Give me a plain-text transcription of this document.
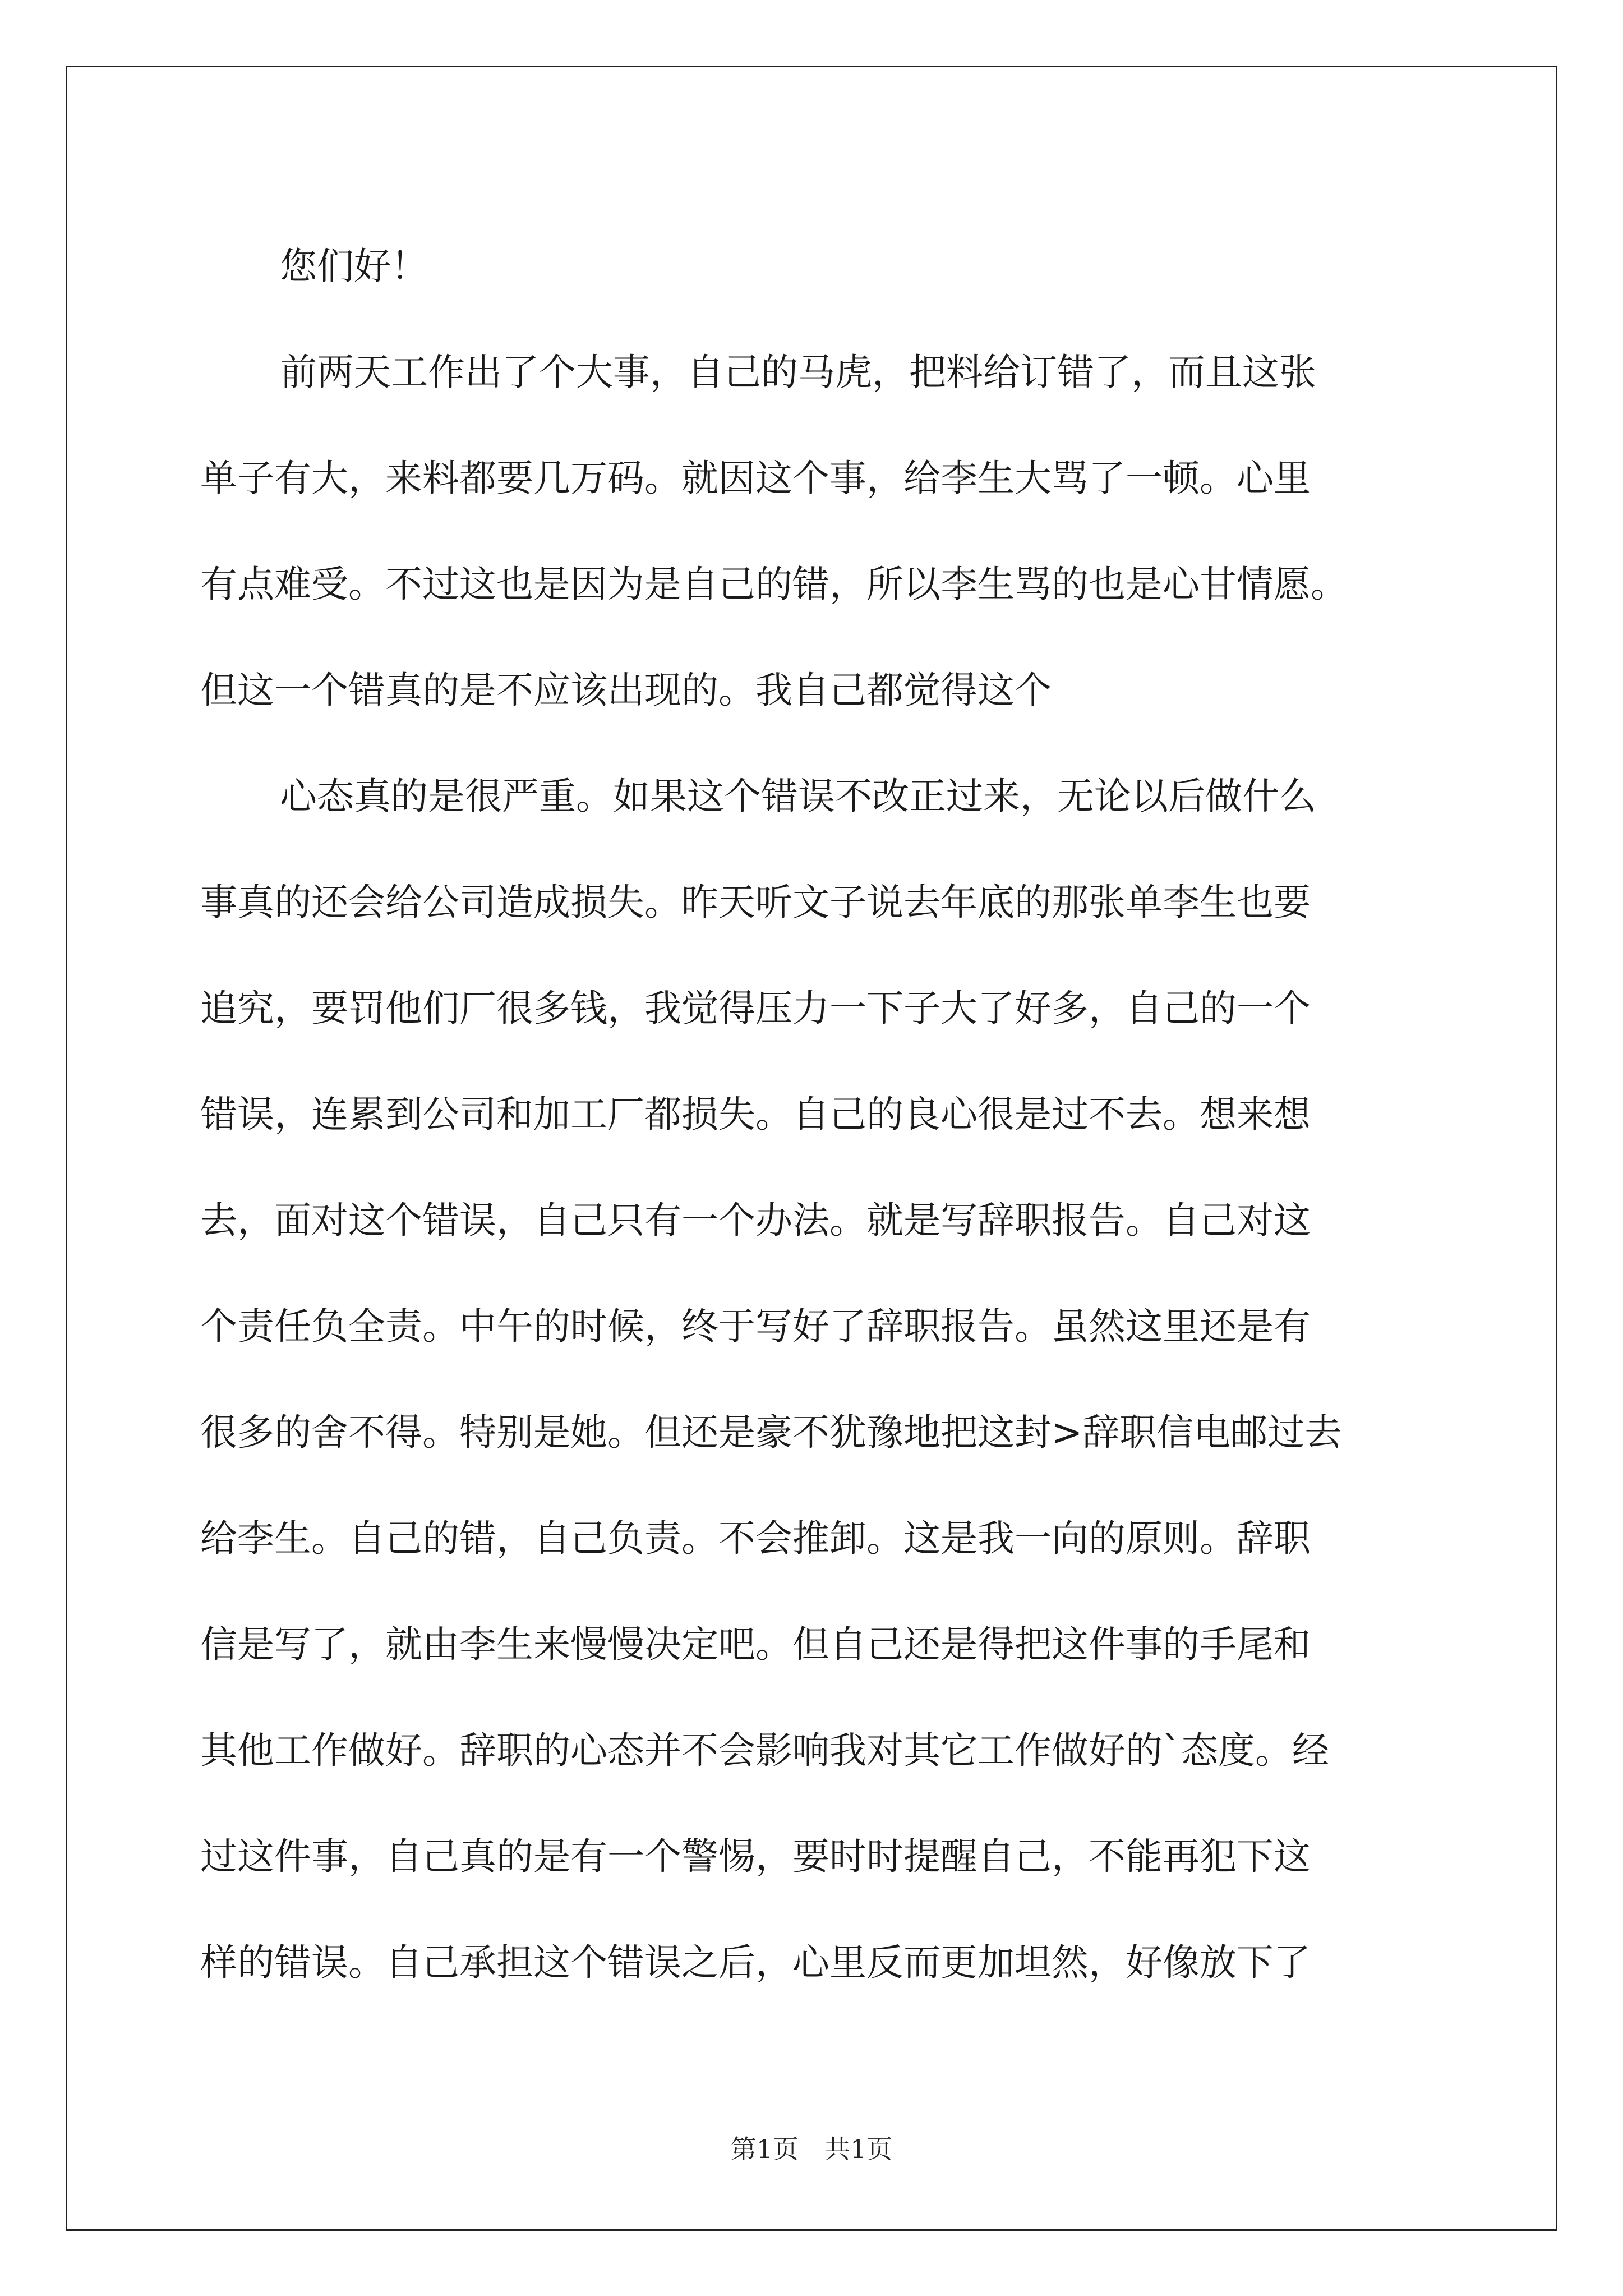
您们好！
前两天工作出了个大事，自己的马虎，把料给订错了，而且这张
单子有大，来料都要几万码。就因这个事，给李生大骂了一顿。心里
有点难受。不过这也是因为是自己的错，所以李生骂的也是心甘情愿。
但这一个错真的是不应该出现的。我自己都觉得这个
心态真的是很严重。如果这个错误不改正过来，无论以后做什么
事真的还会给公司造成损失。昨天听文子说去年底的那张单李生也要
追究，要罚他们厂很多钱，我觉得压力一下子大了好多，自己的一个
错误，连累到公司和加工厂都损失。自己的良心很是过不去。想来想
去，面对这个错误，自己只有一个办法。就是写辞职报告。自己对这
个责任负全责。中午的时候，终于写好了辞职报告。虽然这里还是有
很多的舍不得。特别是她。但还是豪不犹豫地把这封>辞职信电邮过去
给李生。自己的错，自己负责。不会推卸。这是我一向的原则。辞职
信是写了，就由李生来慢慢决定吧。但自己还是得把这件事的手尾和
其他工作做好。辞职的心态并不会影响我对其它工作做好的`态度。经
过这件事，自己真的是有一个警惕，要时时提醒自己，不能再犯下这
样的错误。自己承担这个错误之后，心里反而更加坦然，好像放下了
第1页　共1页
